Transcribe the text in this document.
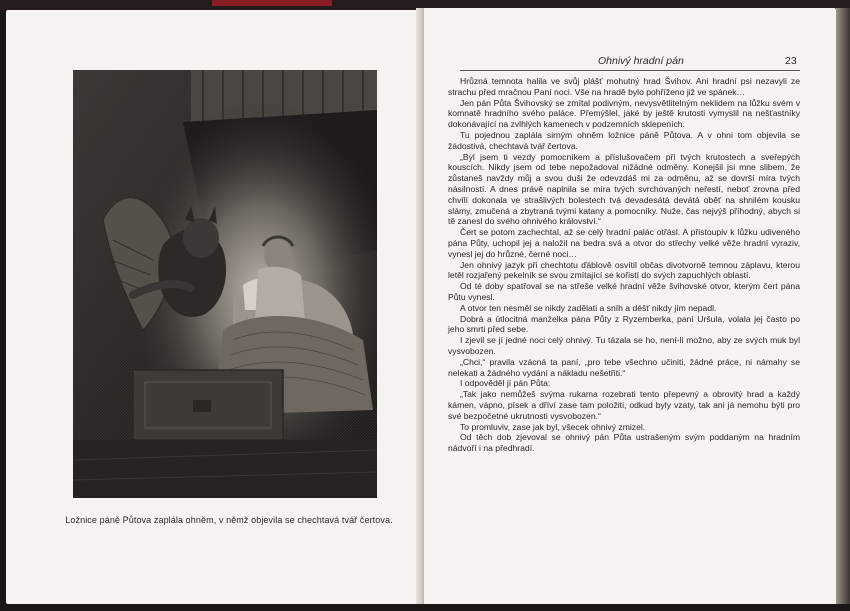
Ložnice páně Půtova zaplála ohněm, v němž objevila se chechtavá tvář čertova.
Ohnivý hradní pán	23

Hrůzná temnota halila ve svůj plášť mohutný hrad Švihov. Ani hradní psi nezavyli ze strachu před mračnou Paní noci. Vše na hradě bylo pohříženo již ve spánek…

Jen pán Půta Švihovský se zmítal podivným, nevysvětlitelným neklidem na lůžku svém v komnatě hradního svého paláce. Přemýšlel, jaké by ještě krutosti vymyslil na nešťastníky dokonávající na zvlhlých kamenech v podzemních sklepeních.

Tu pojednou zaplála sirným ohněm ložnice páně Půtova. A v ohni tom objevila se žádostivá, chechtavá tvář čertova.

„Byl jsem ti vezdy pomocníkem a příslušovačem při tvých krutostech a sveřepých kouscích. Nikdy jsem od tebe nepožadoval nižádné odměny. Konejšil jsi mne slibem, že zůstaneš navždy můj a svou duši že odevzdáš mi za odměnu, až se dovrší míra tvých násilností. A dnes právě naplnila se míra tvých svrchovaných neřestí, neboť zrovna před chvílí dokonala ve strašlivých bolestech tvá devadesátá devátá oběť na shnilém kousku slámy, zmučená a zbytraná tvými katany a pomocníky. Nuže, čas nejvýš příhodný, abych si tě zanesl do svého ohnivého království.“

Čert se potom zachechtal, až se celý hradní palác otřásl. A přistoupiv k lůžku udiveného pána Půty, uchopil jej a naložil na bedra svá a otvor do střechy velké věže hradní vyraziv, vynesl jej do hrůzné, černé noci…

Jen ohnivý jazyk při chechtotu ďáblově osvítil občas divotvorně temnou záplavu, kterou letěl rozjařený pekelník se svou zmítající se kořistí do svých zapuchlých oblastí.

Od té doby spatřoval se na střeše velké hradní věže švihovské otvor, kterým čert pána Půtu vynesl.

A otvor ten nesměl se nikdy zadělati a sníh a déšť nikdy jím nepadl.

Dobrá a útlocitná manželka pána Půty z Ryzemberka, paní Uršula, volala jej často po jeho smrti před sebe.

I zjevil se jí jedné noci celý ohnivý. Tu tázala se ho, není-li možno, aby ze svých muk byl vysvobozen.

„Chci,“ pravila vzácná ta paní, „pro tebe všechno učiniti, žádné práce, ni námahy se nelekati a žádného vydání a nákladu nešetřiti.“

I odpověděl jí pán Půta:

„Tak jako nemůžeš svýma rukama rozebrati tento přepevný a obrovitý hrad a každý kámen, vápno, písek a dříví zase tam položiti, odkud byly vzaty, tak ani já nemohu býti pro své bezpočetné ukrutnosti vysvobozen.“

To promluviv, zase jak byl, všecek ohnivý zmizel.

Od těch dob zjevoval se ohnivý pán Půta ustrašeným svým poddaným na hradním nádvoří i na předhradí.
